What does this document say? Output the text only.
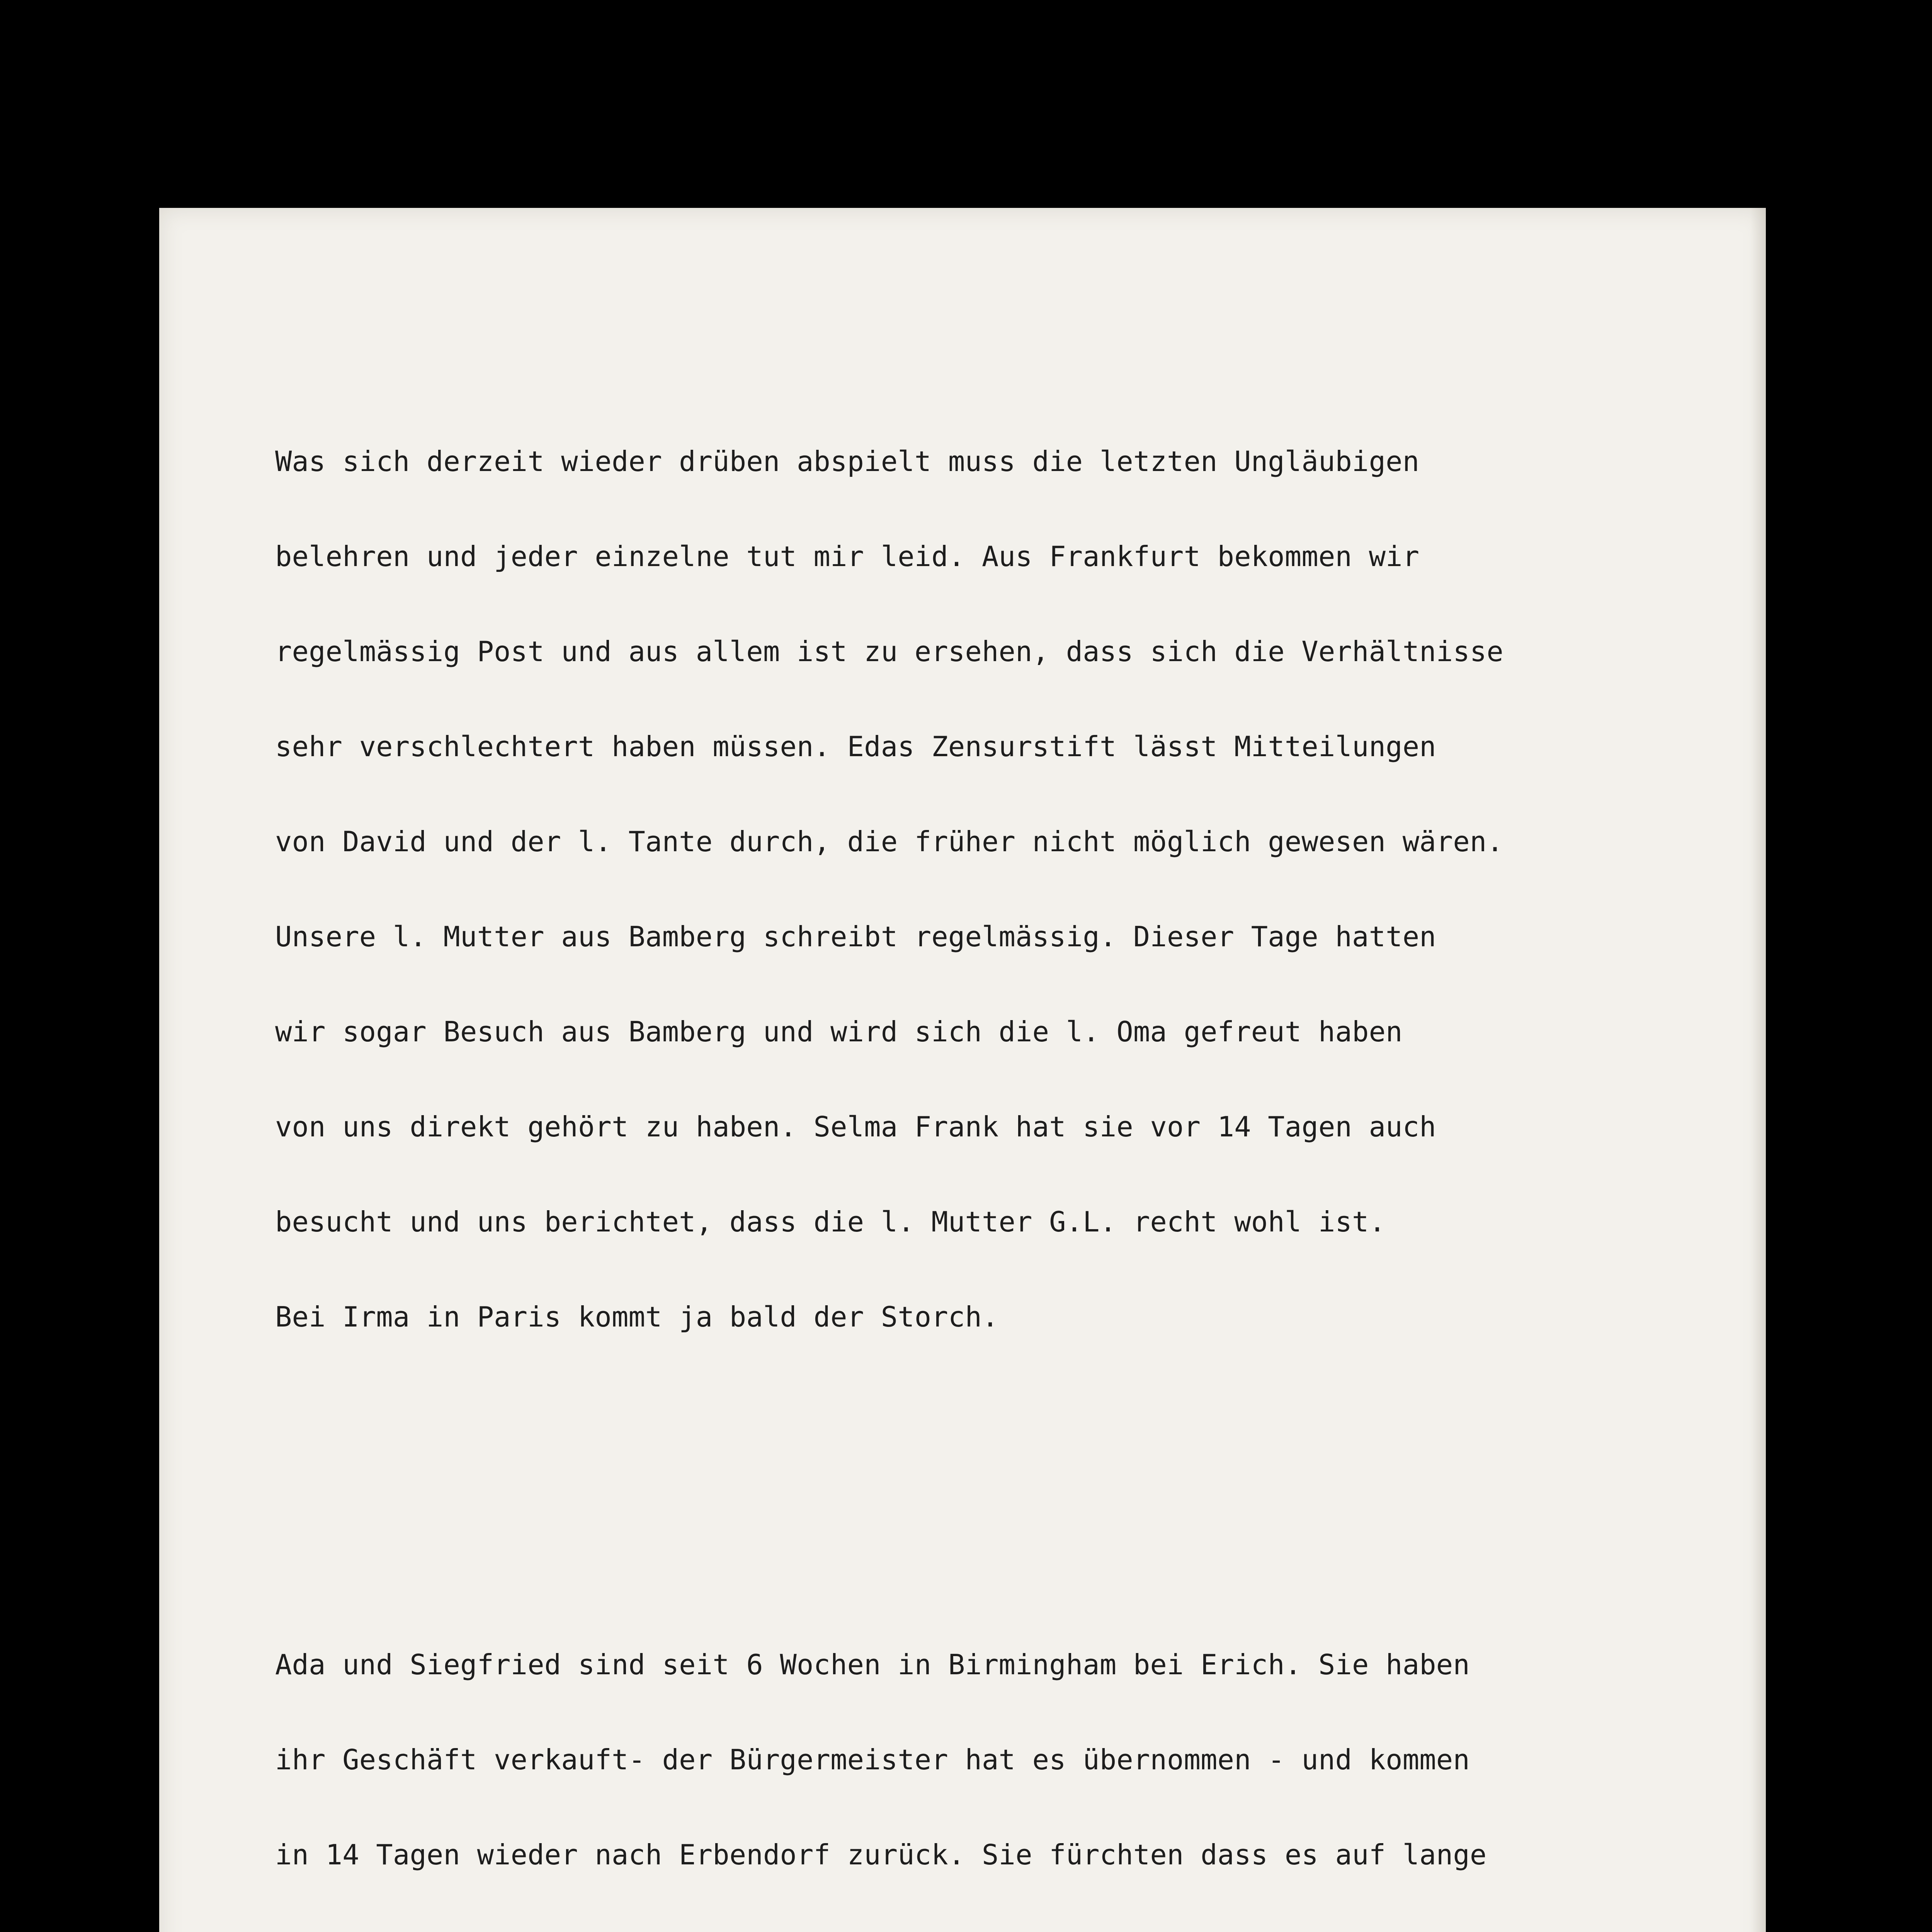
Was sich derzeit wieder drüben abspielt muss die letzten Ungläubigen

belehren und jeder einzelne tut mir leid. Aus Frankfurt bekommen wir

regelmässig Post und aus allem ist zu ersehen, dass sich die Verhältnisse

sehr verschlechtert haben müssen. Edas Zensurstift lässt Mitteilungen

von David und der l. Tante durch, die früher nicht möglich gewesen wären.

Unsere l. Mutter aus Bamberg schreibt regelmässig. Dieser Tage hatten

wir sogar Besuch aus Bamberg und wird sich die l. Oma gefreut haben

von uns direkt gehört zu haben. Selma Frank hat sie vor 14 Tagen auch

besucht und uns berichtet, dass die l. Mutter G.L. recht wohl ist.

Bei Irma in Paris kommt ja bald der Storch.

Ada und Siegfried sind seit 6 Wochen in Birmingham bei Erich. Sie haben

ihr Geschäft verkauft- der Bürgermeister hat es übernommen - und kommen

in 14 Tagen wieder nach Erbendorf zurück. Sie fürchten dass es auf lange
